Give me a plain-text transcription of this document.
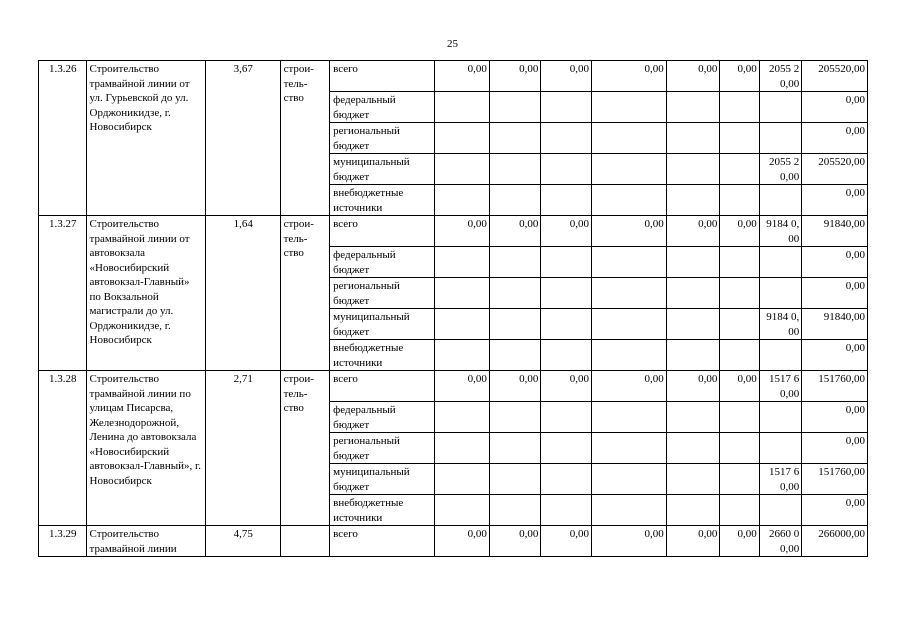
25
1.3.26	Строительство трамвайной линии от ул. Гурьевской до ул. Орджоникидзе, г. Новосибирск	3,67	строи-тель-ство	всего	0,00	0,00	0,00	0,00	0,00	0,00	2055 20,00	205520,00
				федеральный бюджет								0,00
				региональный бюджет								0,00
				муниципальный бюджет							2055 20,00	205520,00
				внебюджетные источники								0,00
1.3.27	Строительство трамвайной линии от автовокзала «Новосибирский автовокзал-Главный» по Вокзальной магистрали до ул. Орджоникидзе, г. Новосибирск	1,64	строи-тель-ство	всего	0,00	0,00	0,00	0,00	0,00	0,00	9184 0,00	91840,00
				федеральный бюджет								0,00
				региональный бюджет								0,00
				муниципальный бюджет							9184 0,00	91840,00
				внебюджетные источники								0,00
1.3.28	Строительство трамвайной линии по улицам Писарсва, Железнодорожной, Ленина до автовокзала «Новосибирский автовокзал-Главный», г. Новосибирск	2,71	строи-тель-ство	всего	0,00	0,00	0,00	0,00	0,00	0,00	1517 60,00	151760,00
				федеральный бюджет								0,00
				региональный бюджет								0,00
				муниципальный бюджет							1517 60,00	151760,00
				внебюджетные источники								0,00
1.3.29	Строительство трамвайной линии	4,75		всего	0,00	0,00	0,00	0,00	0,00	0,00	2660 00,00	266000,00
